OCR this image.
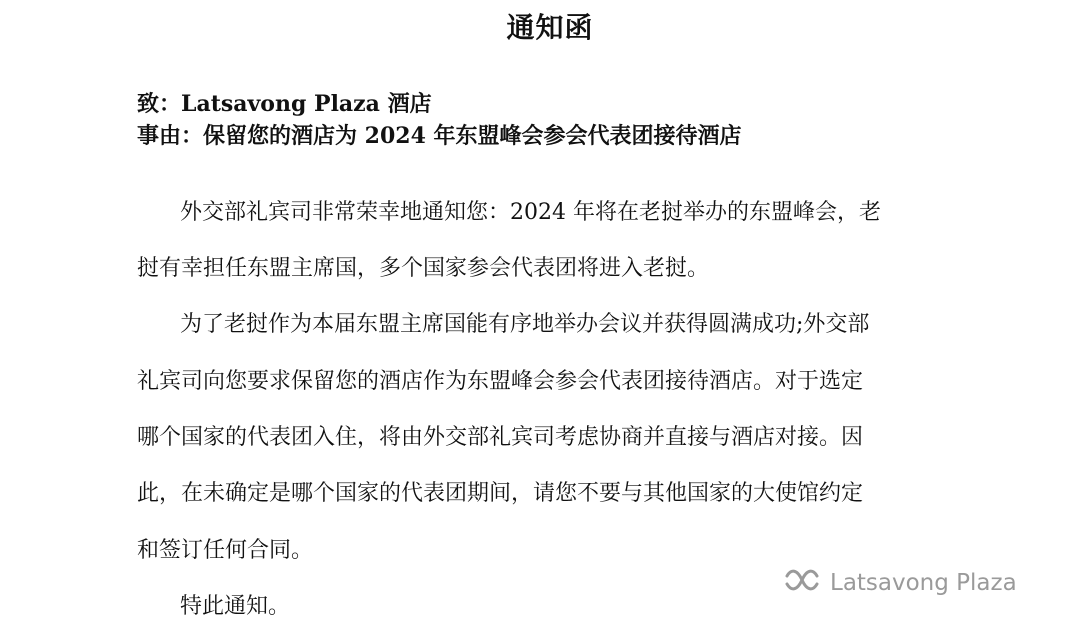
通知函
致：Latsavong Plaza 酒店
事由：保留您的酒店为 2024 年东盟峰会参会代表团接待酒店
外交部礼宾司非常荣幸地通知您：2024 年将在老挝举办的东盟峰会，老
挝有幸担任东盟主席国，多个国家参会代表团将进入老挝。
为了老挝作为本届东盟主席国能有序地举办会议并获得圆满成功;外交部
礼宾司向您要求保留您的酒店作为东盟峰会参会代表团接待酒店。对于选定
哪个国家的代表团入住，将由外交部礼宾司考虑协商并直接与酒店对接。因
此，在未确定是哪个国家的代表团期间，请您不要与其他国家的大使馆约定
和签订任何合同。
特此通知。
Latsavong Plaza
